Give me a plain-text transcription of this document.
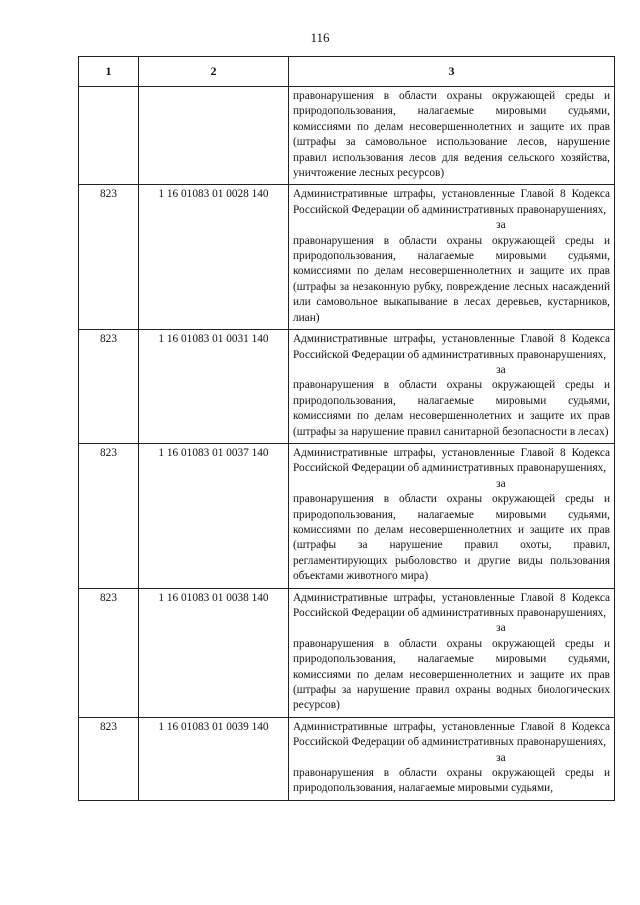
116
1	2	3
		правонарушения в области охраны окружающей среды и природопользования, налагаемые мировыми судьями, комиссиями по делам несовершеннолетних и защите их прав (штрафы за самовольное использование лесов, нарушение правил использования лесов для ведения сельского хозяйства, уничтожение лесных ресурсов)
823	1 16 01083 01 0028 140	Административные штрафы, установленные Главой 8 Кодекса Российской Федерации об административных правонарушениях,
за
правонарушения в области охраны окружающей среды и природопользования, налагаемые мировыми судьями, комиссиями по делам несовершеннолетних и защите их прав (штрафы за незаконную рубку, повреждение лесных насаждений или самовольное выкапывание в лесах деревьев, кустарников, лиан)
823	1 16 01083 01 0031 140	Административные штрафы, установленные Главой 8 Кодекса Российской Федерации об административных правонарушениях,
за
правонарушения в области охраны окружающей среды и природопользования, налагаемые мировыми судьями, комиссиями по делам несовершеннолетних и защите их прав (штрафы за нарушение правил санитарной безопасности в лесах)
823	1 16 01083 01 0037 140	Административные штрафы, установленные Главой 8 Кодекса Российской Федерации об административных правонарушениях,
за
правонарушения в области охраны окружающей среды и природопользования, налагаемые мировыми судьями, комиссиями по делам несовершеннолетних и защите их прав (штрафы за нарушение правил охоты, правил, регламентирующих рыболовство и другие виды пользования объектами животного мира)
823	1 16 01083 01 0038 140	Административные штрафы, установленные Главой 8 Кодекса Российской Федерации об административных правонарушениях,
за
правонарушения в области охраны окружающей среды и природопользования, налагаемые мировыми судьями, комиссиями по делам несовершеннолетних и защите их прав (штрафы за нарушение правил охраны водных биологических ресурсов)
823	1 16 01083 01 0039 140	Административные штрафы, установленные Главой 8 Кодекса Российской Федерации об административных правонарушениях,
за
правонарушения в области охраны окружающей среды и природопользования, налагаемые мировыми судьями,
